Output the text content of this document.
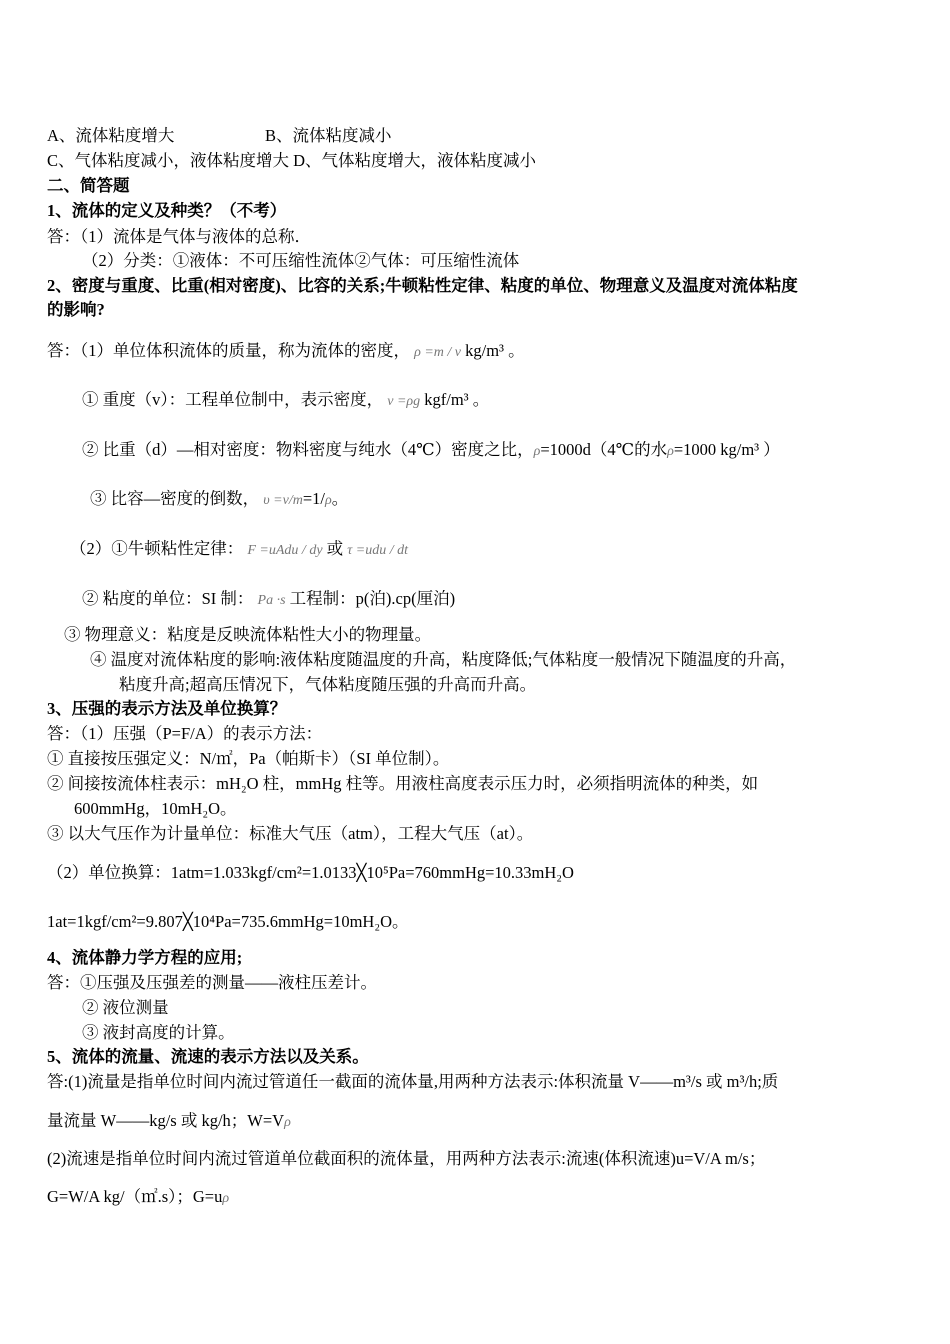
A、流体粘度增大	B、流体粘度减小
C、气体粘度减小，液体粘度增大 D、气体粘度增大，液体粘度减小
二、简答题
1、流体的定义及种类？（不考）
答：（1）流体是气体与液体的总称．
（2）分类：①液体：不可压缩性流体②气体：可压缩性流体
2、密度与重度、比重(相对密度)、比容的关系;牛顿粘性定律、粘度的单位、物理意义及温度对流体粘度
的影响?
答：（1）单位体积流体的质量，称为流体的密度， ρ =m / v kg/m³ 。
① 重度（v）：工程单位制中，表示密度， v =ρg kgf/m³ 。
② 比重（d）—相对密度：物料密度与纯水（4℃）密度之比，ρ=1000d（4℃的水ρ=1000 kg/m³ ）
③ 比容—密度的倒数， υ =v/m=1/ρ。
（2）①牛顿粘性定律： F =uAdu / dy 或 τ =udu / dt
② 粘度的单位：SI 制： Pa ·s 工程制：p(泊).cp(厘泊)
③ 物理意义：粘度是反映流体粘性大小的物理量。
④ 温度对流体粘度的影响:液体粘度随温度的升高，粘度降低;气体粘度一般情况下随温度的升高，
粘度升高;超高压情况下，气体粘度随压强的升高而升高。
3、压强的表示方法及单位换算？
答：（1）压强（P=F/A）的表示方法：
① 直接按压强定义：N/㎡，Pa（帕斯卡）（SI 单位制）。
② 间接按流体柱表示：mH₂O 柱，mmHg 柱等。用液柱高度表示压力时，必须指明流体的种类，如
600mmHg，10mH₂O。
③ 以大气压作为计量单位：标准大气压（atm），工程大气压（at）。
（2）单位换算：1atm=1.033kgf/cm²=1.0133╳10⁵Pa=760mmHg=10.33mH₂O
1at=1kgf/cm²=9.807╳10⁴Pa=735.6mmHg=10mH₂O。
4、流体静力学方程的应用;
答：①压强及压强差的测量——液柱压差计。
② 液位测量
③ 液封高度的计算。
5、流体的流量、流速的表示方法以及关系。
答:(1)流量是指单位时间内流过管道任一截面的流体量,用两种方法表示:体积流量 V——m³/s 或 m³/h;质
量流量 W——kg/s 或 kg/h；W=Vρ
(2)流速是指单位时间内流过管道单位截面积的流体量，用两种方法表示:流速(体积流速)u=V/A m/s；
G=W/A kg/（㎡.s）；G=uρ
